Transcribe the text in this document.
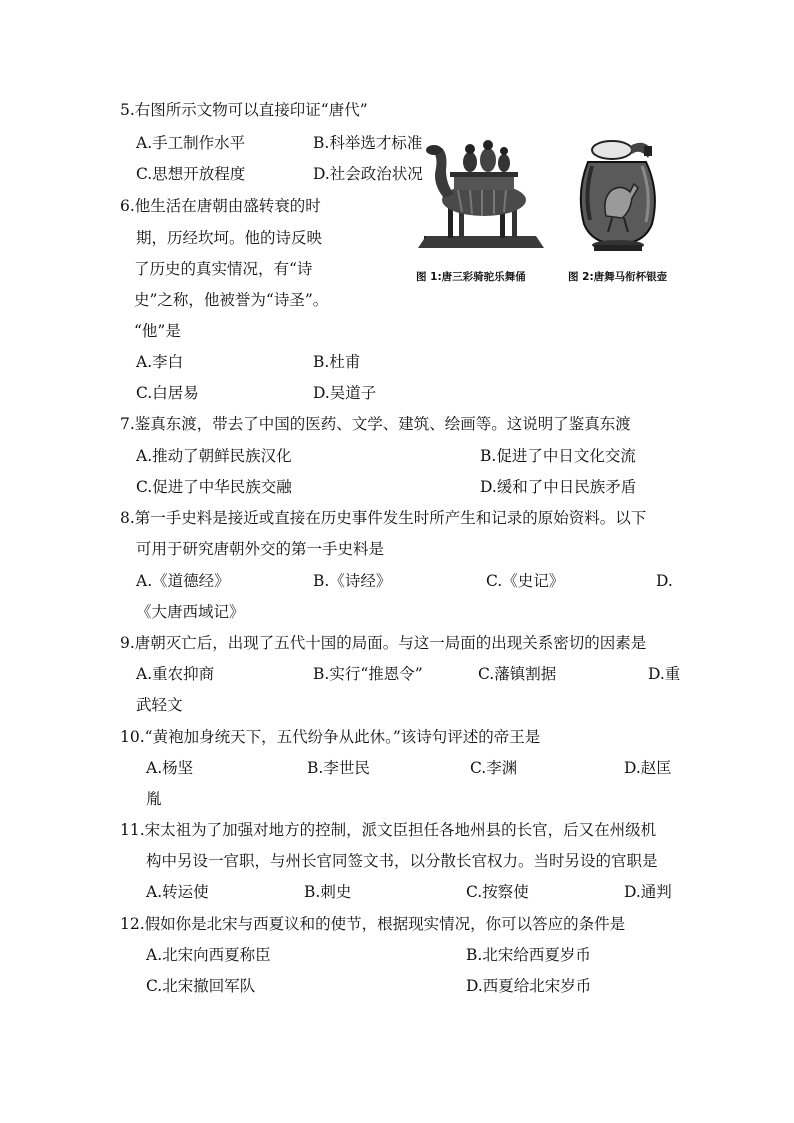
5.右图所示文物可以直接印证“唐代”
A.手工制作水平	B.科举选才标准
C.思想开放程度	D.社会政治状况
图 1:唐三彩骑驼乐舞俑	图 2:唐舞马衔杯银壶
6.他生活在唐朝由盛转衰的时
期，历经坎坷。他的诗反映
了历史的真实情况，有“诗
史”之称，他被誉为“诗圣”。
“他”是
A.李白	B.杜甫
C.白居易	D.吴道子
7.鉴真东渡，带去了中国的医药、文学、建筑、绘画等。这说明了鉴真东渡
A.推动了朝鲜民族汉化	B.促进了中日文化交流
C.促进了中华民族交融	D.缓和了中日民族矛盾
8.第一手史料是接近或直接在历史事件发生时所产生和记录的原始资料。以下
可用于研究唐朝外交的第一手史料是
A.《道德经》	B.《诗经》	C.《史记》	D.
《大唐西域记》
9.唐朝灭亡后，出现了五代十国的局面。与这一局面的出现关系密切的因素是
A.重农抑商	B.实行“推恩令”	C.藩镇割据	D.重
武轻文
10.“黄袍加身统天下，五代纷争从此休。”该诗句评述的帝王是
A.杨坚	B.李世民	C.李渊	D.赵匡
胤
11.宋太祖为了加强对地方的控制，派文臣担任各地州县的长官，后又在州级机
构中另设一官职，与州长官同签文书，以分散长官权力。当时另设的官职是
A.转运使	B.刺史	C.按察使	D.通判
12.假如你是北宋与西夏议和的使节，根据现实情况，你可以答应的条件是
A.北宋向西夏称臣	B.北宋给西夏岁币
C.北宋撤回军队	D.西夏给北宋岁币
